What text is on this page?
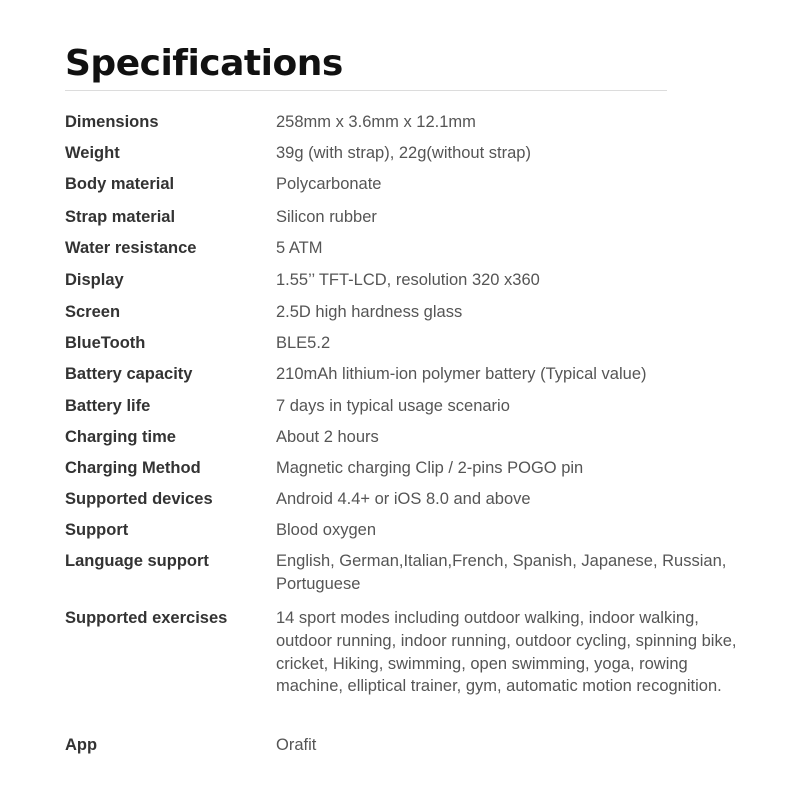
Specifications
Dimensions	258mm x 3.6mm x 12.1mm
Weight	39g (with strap), 22g(without strap)
Body material	Polycarbonate
Strap material	Silicon rubber
Water resistance	5 ATM
Display	1.55’’ TFT-LCD, resolution 320 x360
Screen	2.5D high hardness glass
BlueTooth	BLE5.2
Battery capacity	210mAh lithium-ion polymer battery (Typical value)
Battery life	7 days in typical usage scenario
Charging time	About 2 hours
Charging Method	Magnetic charging Clip / 2-pins POGO pin
Supported devices	Android 4.4+ or iOS 8.0 and above
Support	Blood oxygen
Language support	English, German,Italian,French, Spanish, Japanese, Russian, Portuguese
Supported exercises	14 sport modes including outdoor walking, indoor walking, outdoor running, indoor running, outdoor cycling, spinning bike, cricket, Hiking, swimming, open swimming, yoga, rowing machine, elliptical trainer, gym, automatic motion recognition.
App	Orafit
